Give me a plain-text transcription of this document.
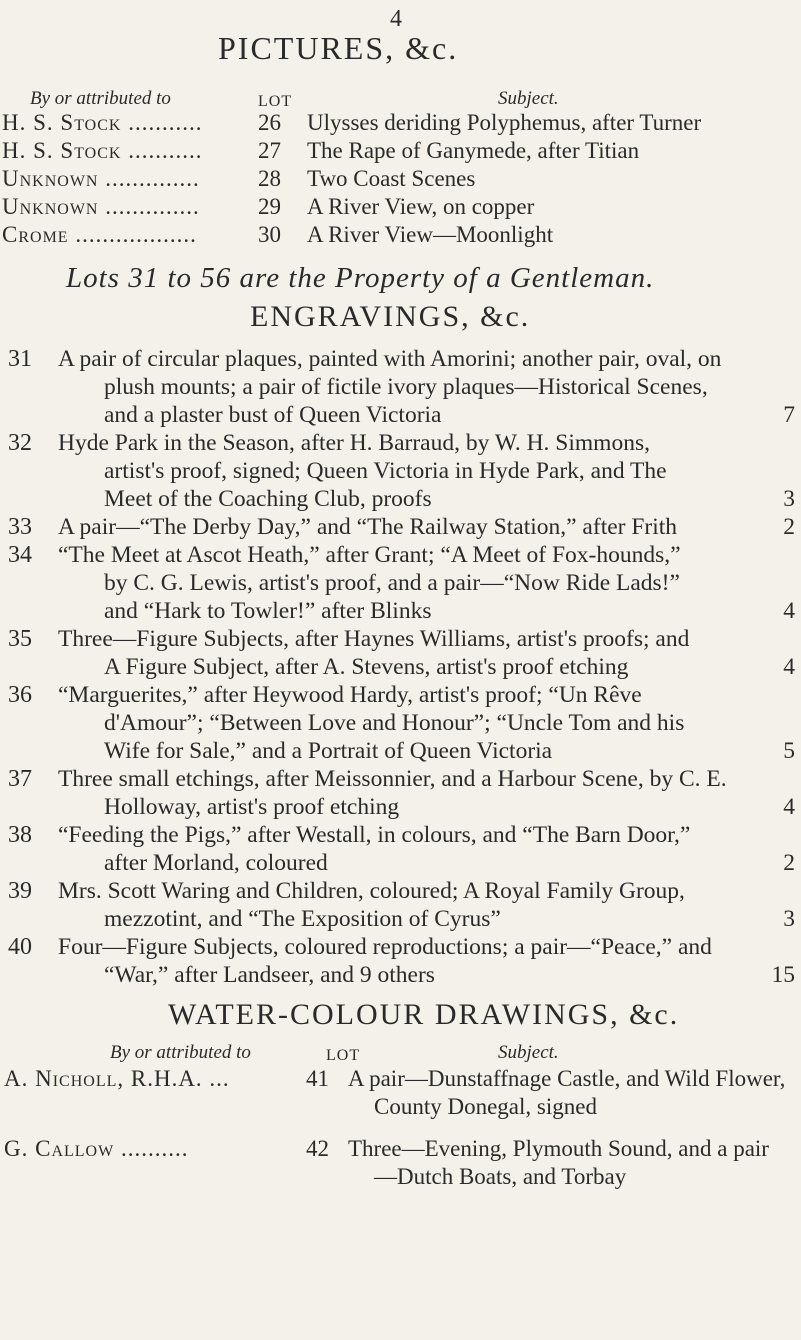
4
PICTURES, &c.
By or attributed to	LOT	Subject.
H. S. Stock ........... 26 Ulysses deriding Polyphemus, after Turner
H. S. Stock ........... 27 The Rape of Ganymede, after Titian
Unknown ..............	28 Two Coast Scenes
Unknown ..............	29 A River View, on copper
Crome ..................	30 A River View—Moonlight
Lots 31 to 56 are the Property of a Gentleman.
ENGRAVINGS, &c.
31 A pair of circular plaques, painted with Amorini; another pair, oval, on
plush mounts; a pair of fictile ivory plaques—Historical Scenes,
and a plaster bust of Queen Victoria	7
32 Hyde Park in the Season, after H. Barraud, by W. H. Simmons,
artist's proof, signed; Queen Victoria in Hyde Park, and The
Meet of the Coaching Club, proofs	3
33 A pair—“The Derby Day,” and “The Railway Station,” after Frith	2
34 “The Meet at Ascot Heath,” after Grant; “A Meet of Fox-hounds,”
by C. G. Lewis, artist's proof, and a pair—“Now Ride Lads!”
and “Hark to Towler!” after Blinks	4
35 Three—Figure Subjects, after Haynes Williams, artist's proofs; and
A Figure Subject, after A. Stevens, artist's proof etching	4
36 “Marguerites,” after Heywood Hardy, artist's proof; “Un Rêve
d'Amour”; “Between Love and Honour”; “Uncle Tom and his
Wife for Sale,” and a Portrait of Queen Victoria	5
37 Three small etchings, after Meissonnier, and a Harbour Scene, by C. E.
Holloway, artist's proof etching	4
38 “Feeding the Pigs,” after Westall, in colours, and “The Barn Door,”
after Morland, coloured	2
39 Mrs. Scott Waring and Children, coloured; A Royal Family Group,
mezzotint, and “The Exposition of Cyrus”	3
40 Four—Figure Subjects, coloured reproductions; a pair—“Peace,” and
“War,” after Landseer, and 9 others	15
WATER-COLOUR DRAWINGS, &c.
By or attributed to	LOT	Subject.
A. Nicholl, R.H.A. ...	41 A pair—Dunstaffnage Castle, and Wild Flower,
County Donegal, signed
G. Callow ..........	42 Three—Evening, Plymouth Sound, and a pair
—Dutch Boats, and Torbay
